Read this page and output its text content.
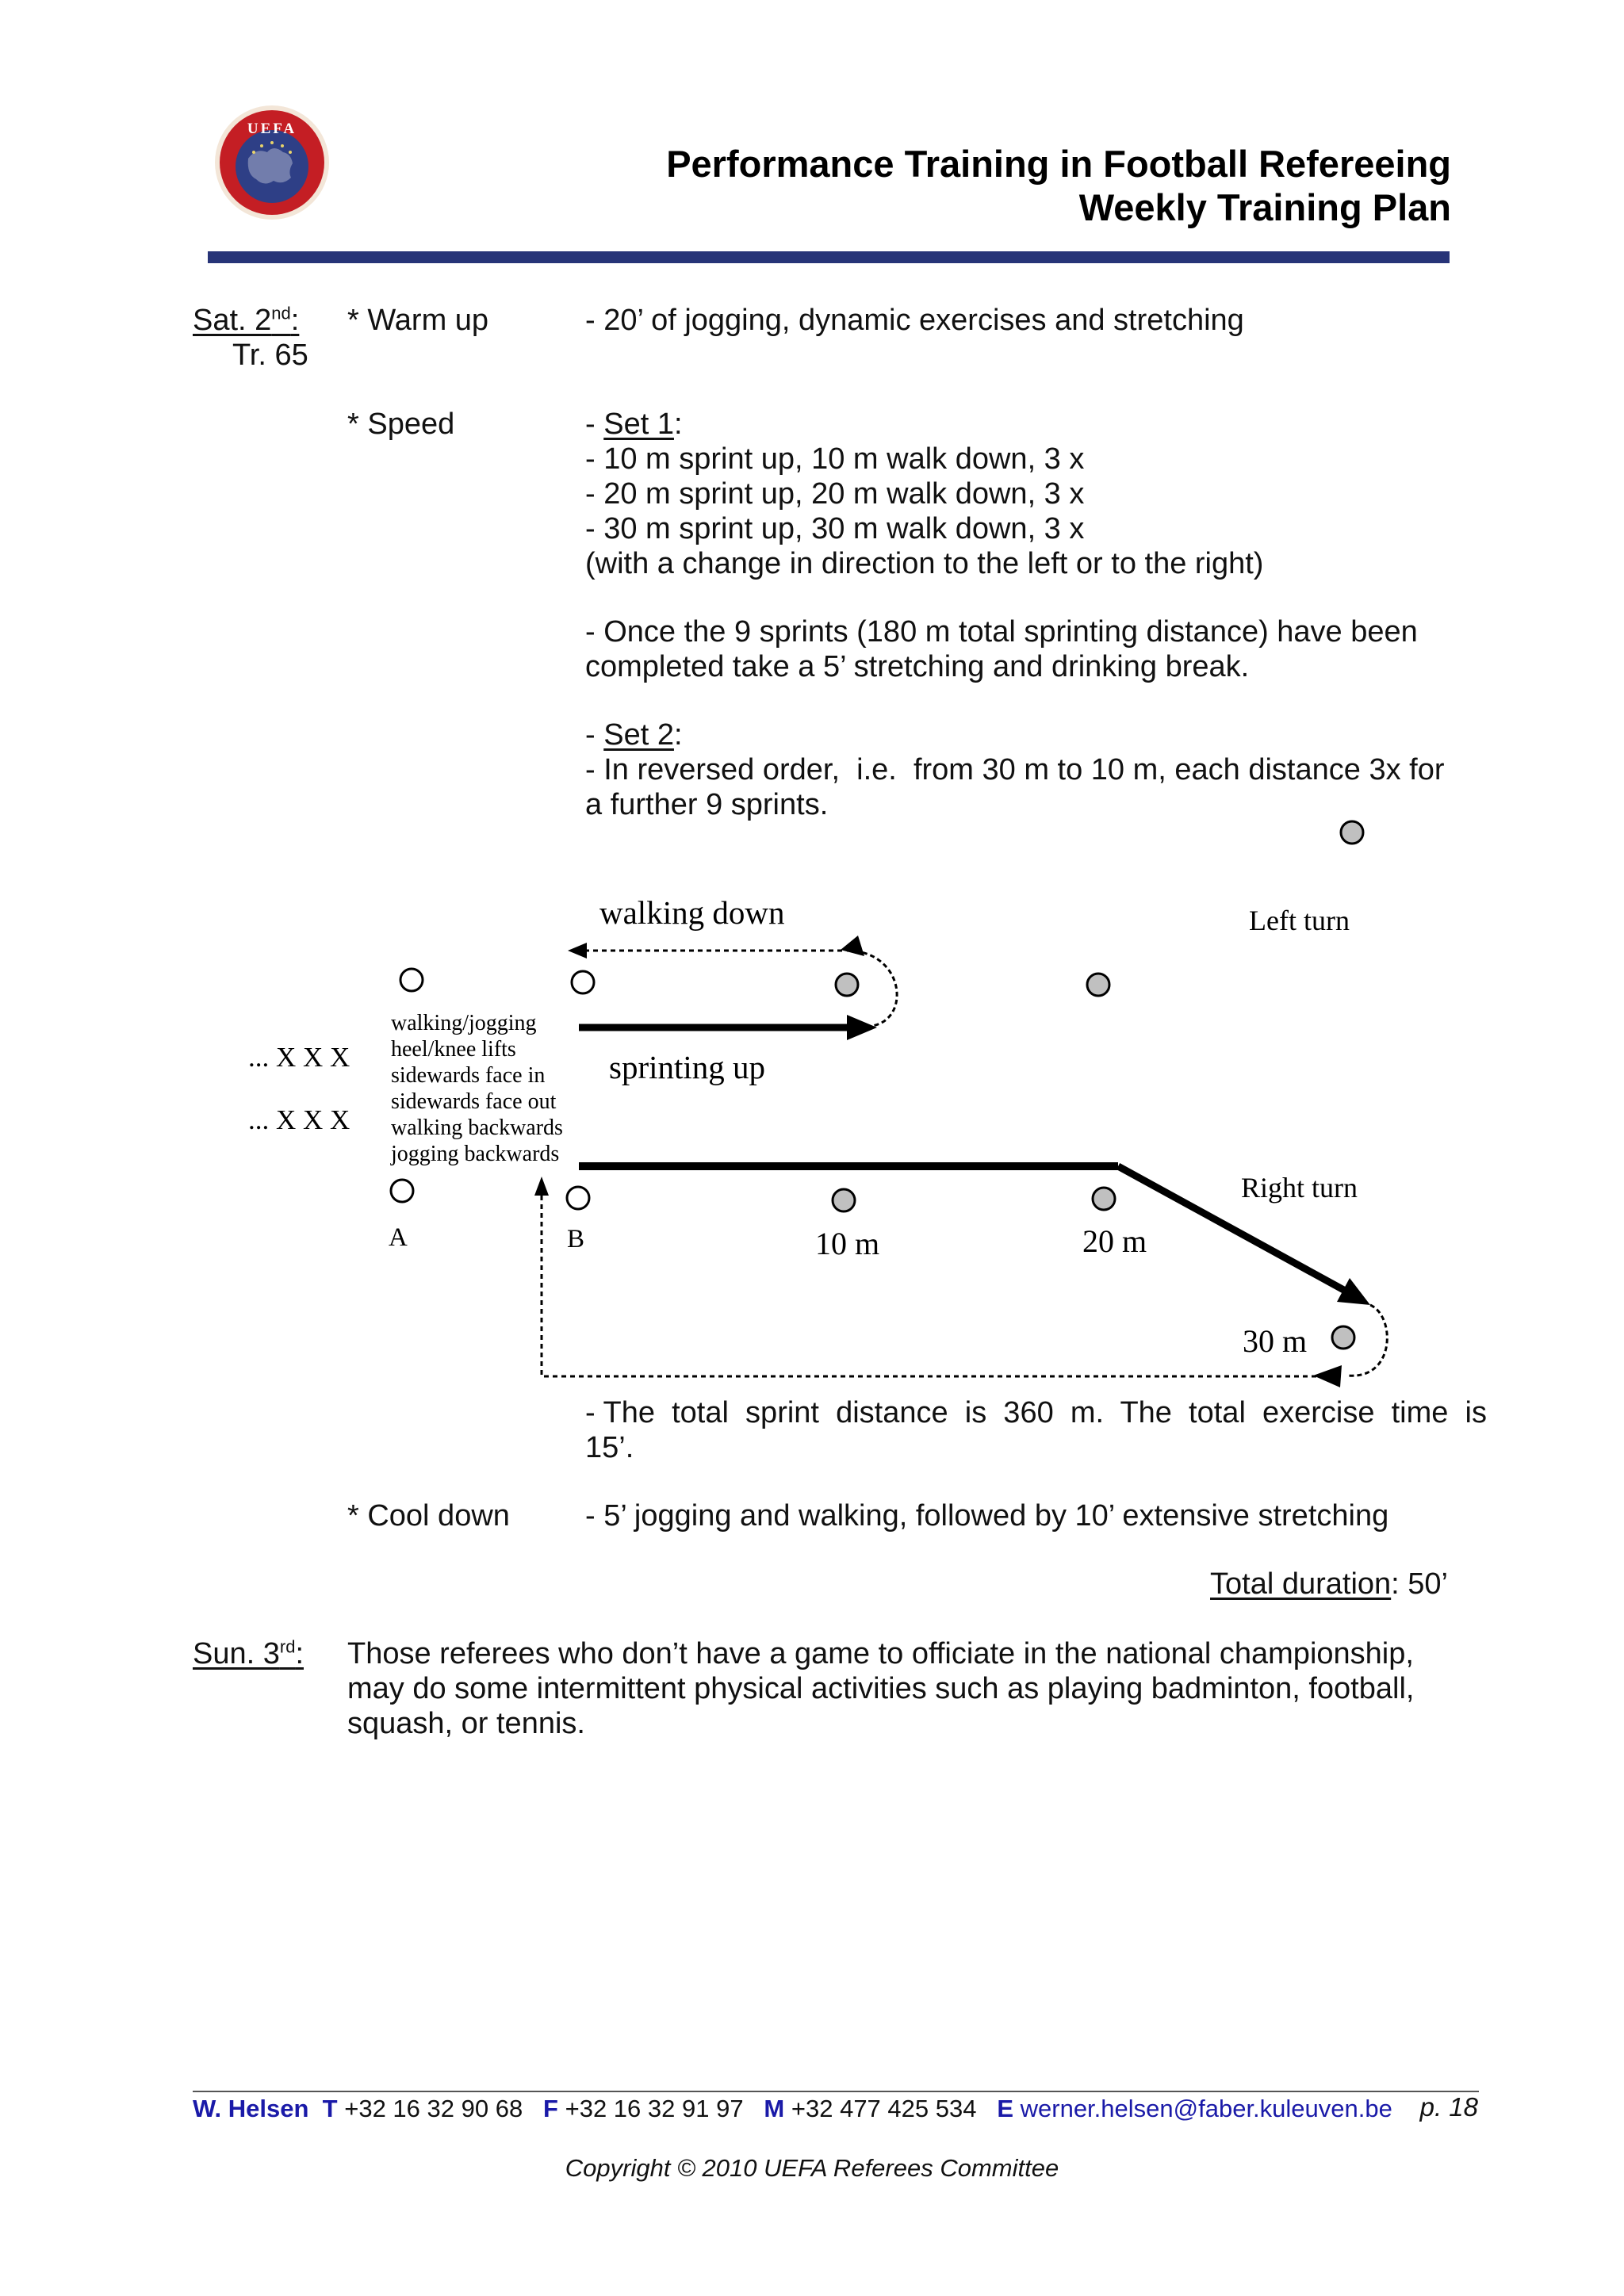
UEFA
Performance Training in Football Refereeing
Weekly Training Plan
Sat. 2nd:
Tr. 65
* Warm up	- 20’ of jogging, dynamic exercises and stretching
* Speed	- Set 1:
- 10 m sprint up, 10 m walk down, 3 x
- 20 m sprint up, 20 m walk down, 3 x
- 30 m sprint up, 30 m walk down, 3 x
(with a change in direction to the left or to the right)
- Once the 9 sprints (180 m total sprinting distance) have been
completed take a 5’ stretching and drinking break.
- Set 2:
- In reversed order,  i.e.  from 30 m to 10 m, each distance 3x for
a further 9 sprints.
walking down
sprinting up
Left turn
Right turn
... X X X
... X X X
walking/jogging
heel/knee lifts
sidewards face in
sidewards face out
walking backwards
jogging backwards
A	B	10 m	20 m
30 m
- The  total  sprint  distance  is  360  m.  The  total  exercise  time  is
15’.
* Cool down	- 5’ jogging and walking, followed by 10’ extensive stretching
Total duration: 50’
Sun. 3rd: Those referees who don’t have a game to officiate in the national championship,
may do some intermittent physical activities such as playing badminton, football,
squash, or tennis.
W. Helsen T +32 16 32 90 68 F +32 16 32 91 97 M +32 477 425 534 E werner.helsen@faber.kuleuven.be	p. 18
Copyright © 2010 UEFA Referees Committee
